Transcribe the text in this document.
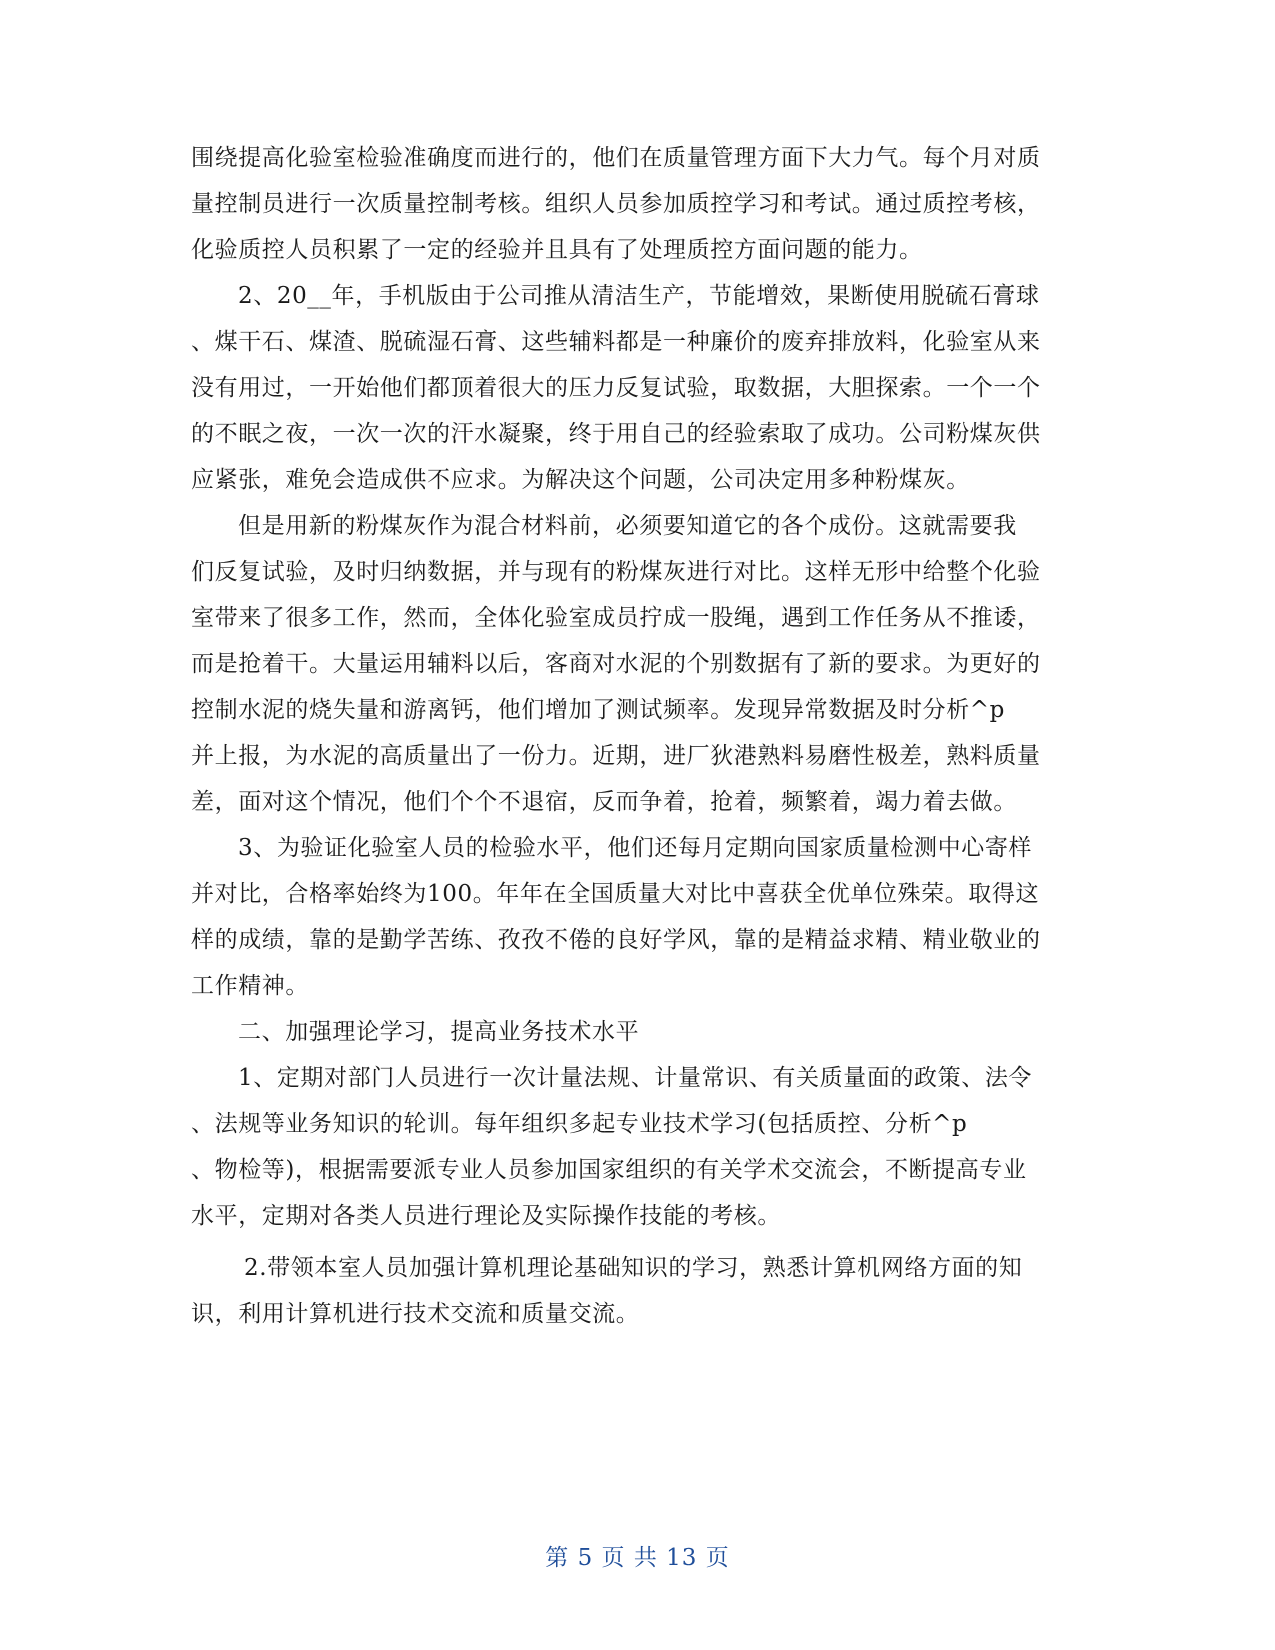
围绕提高化验室检验准确度而进行的，他们在质量管理方面下大力气。每个月对质
量控制员进行一次质量控制考核。组织人员参加质控学习和考试。通过质控考核，
化验质控人员积累了一定的经验并且具有了处理质控方面问题的能力。
2、20__年，手机版由于公司推从清洁生产，节能增效，果断使用脱硫石膏球
、煤干石、煤渣、脱硫湿石膏、这些辅料都是一种廉价的废弃排放料，化验室从来
没有用过，一开始他们都顶着很大的压力反复试验，取数据，大胆探索。一个一个
的不眠之夜，一次一次的汗水凝聚，终于用自己的经验索取了成功。公司粉煤灰供
应紧张，难免会造成供不应求。为解决这个问题，公司决定用多种粉煤灰。
但是用新的粉煤灰作为混合材料前，必须要知道它的各个成份。这就需要我
们反复试验，及时归纳数据，并与现有的粉煤灰进行对比。这样无形中给整个化验
室带来了很多工作，然而，全体化验室成员拧成一股绳，遇到工作任务从不推诿，
而是抢着干。大量运用辅料以后，客商对水泥的个别数据有了新的要求。为更好的
控制水泥的烧失量和游离钙，他们增加了测试频率。发现异常数据及时分析^p
并上报，为水泥的高质量出了一份力。近期，进厂狄港熟料易磨性极差，熟料质量
差，面对这个情况，他们个个不退宿，反而争着，抢着，频繁着，竭力着去做。
3、为验证化验室人员的检验水平，他们还每月定期向国家质量检测中心寄样
并对比，合格率始终为100。年年在全国质量大对比中喜获全优单位殊荣。取得这
样的成绩，靠的是勤学苦练、孜孜不倦的良好学风，靠的是精益求精、精业敬业的
工作精神。
二、加强理论学习，提高业务技术水平
1、定期对部门人员进行一次计量法规、计量常识、有关质量面的政策、法令
、法规等业务知识的轮训。每年组织多起专业技术学习(包括质控、分析^p
、物检等)，根据需要派专业人员参加国家组织的有关学术交流会，不断提高专业
水平，定期对各类人员进行理论及实际操作技能的考核。
2.带领本室人员加强计算机理论基础知识的学习，熟悉计算机网络方面的知
识，利用计算机进行技术交流和质量交流。
第 5 页 共 13 页
